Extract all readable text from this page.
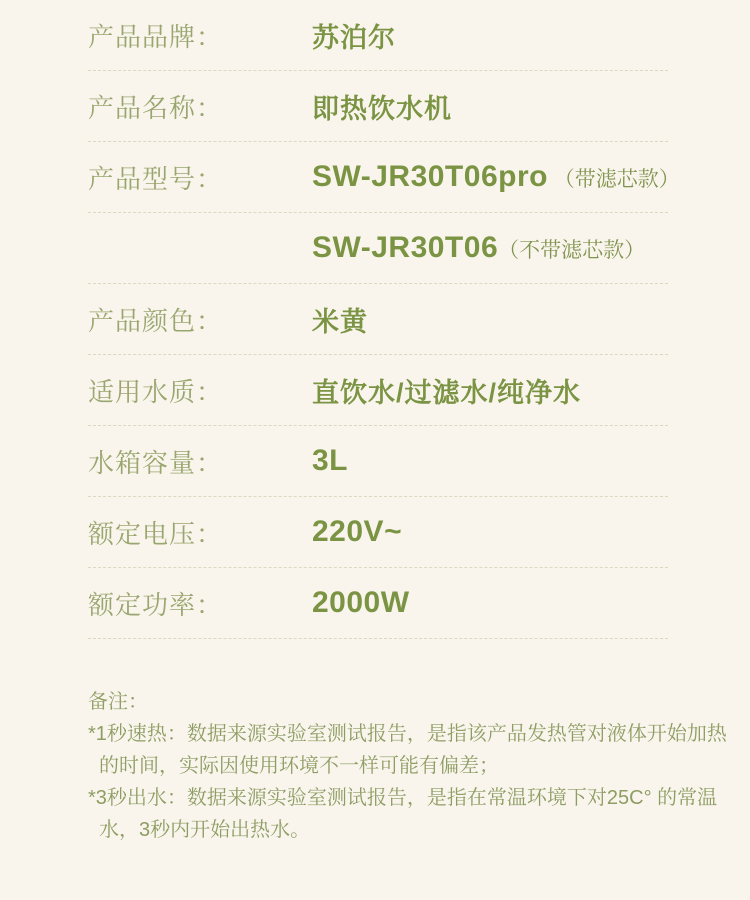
产品品牌：	苏泊尔
产品名称：	即热饮水机
产品型号：	SW-JR30T06pro （带滤芯款）
SW-JR30T06（不带滤芯款）
产品颜色：	米黄
适用水质：	直饮水/过滤水/纯净水
水箱容量：	3L
额定电压：	220V~
额定功率：	2000W
备注：
*1秒速热：数据来源实验室测试报告，是指该产品发热管对液体开始加热
的时间，实际因使用环境不一样可能有偏差；
*3秒出水：数据来源实验室测试报告，是指在常温环境下对25C° 的常温
水，3秒内开始出热水。
